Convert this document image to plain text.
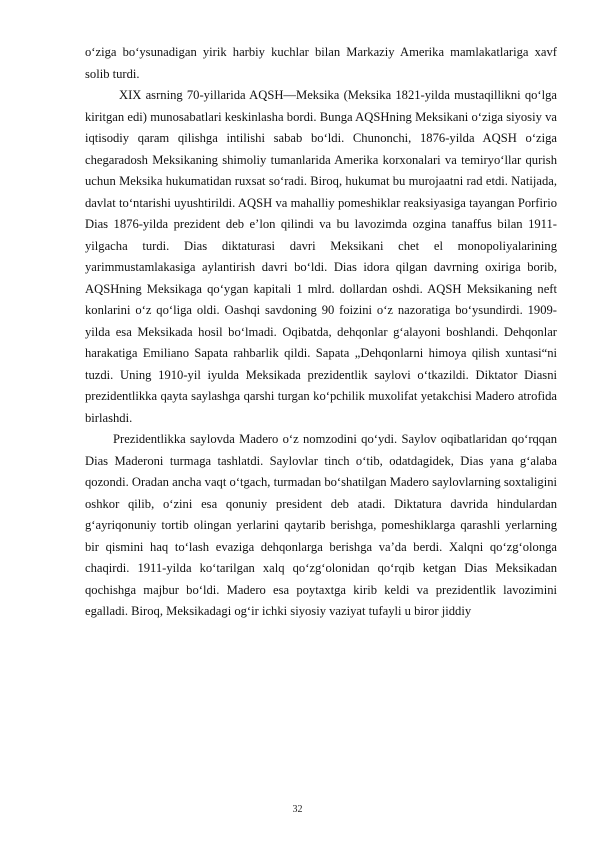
o‘ziga bo‘ysunadigan yirik harbiy kuchlar bilan Markaziy Amerika mamlakatlariga xavf solib turdi.

XIX asrning 70-yillarida AQSH—Meksika (Meksika 1821-yilda mustaqillikni qo‘lga kiritgan edi) munosabatlari keskinlasha bordi. Bunga AQSHning Meksikani o‘ziga siyosiy va iqtisodiy qaram qilishga intilishi sabab bo‘ldi. Chunonchi, 1876-yilda AQSH o‘ziga chegaradosh Meksikaning shimoliy tumanlarida Amerika korxonalari va temiryo‘llar qurish uchun Meksika hukumatidan ruxsat so‘radi. Biroq, hukumat bu murojaatni rad etdi. Natijada, davlat to‘ntarishi uyushtirildi. AQSH va mahalliy pomeshiklar reaksiyasiga tayangan Porfirio Dias 1876-yilda prezident deb e’lon qilindi va bu lavozimda ozgina tanaffus bilan 1911-yilgacha turdi. Dias diktaturasi davri Meksikani chet el monopoliyalarining yarimmustamlakasiga aylantirish davri bo‘ldi. Dias idora qilgan davrning oxiriga borib, AQSHning Meksikaga qo‘ygan kapitali 1 mlrd. dollardan oshdi. AQSH Meksikaning neft konlarini o‘z qo‘liga oldi. Оashqi savdoning 90 foizini o‘z nazoratiga bo‘ysundirdi. 1909-yilda esa Meksikada hosil bo‘lmadi. Oqibatda, dehqonlar g‘alayoni boshlandi. Dehqonlar harakatiga Emiliano Sapata rahbarlik qildi. Sapata „Dehqonlarni himoya qilish xuntasi“ni tuzdi. Uning 1910-yil iyulda Meksikada prezidentlik saylovi o‘tkazildi. Diktator Diasni prezidentlikka qayta saylashga qarshi turgan ko‘pchilik muxolifat yetakchisi Madero atrofida birlashdi.

Prezidentlikka saylovda Madero o‘z nomzodini qo‘ydi. Saylov oqibatlaridan qo‘rqqan Dias Maderoni turmaga tashlatdi. Saylovlar tinch o‘tib, odatdagidek, Dias yana g‘alaba qozondi. Oradan ancha vaqt o‘tgach, turmadan bo‘shatilgan Madero saylovlarning soxtaligini oshkor qilib, o‘zini esa qonuniy president deb atadi. Diktatura davrida hindulardan g‘ayriqonuniy tortib olingan yerlarini qaytarib berishga, pomeshiklarga qarashli yerlarning bir qismini haq to‘lash evaziga dehqonlarga berishga va’da berdi. Xalqni qo‘zg‘olonga chaqirdi. 1911-yilda ko‘tarilgan xalq qo‘zg‘olonidan qo‘rqib ketgan Dias Meksikadan qochishga majbur bo‘ldi. Madero esa poytaxtga kirib keldi va prezidentlik lavozimini egalladi. Biroq, Meksikadagi og‘ir ichki siyosiy vaziyat tufayli u biror jiddiy

32
